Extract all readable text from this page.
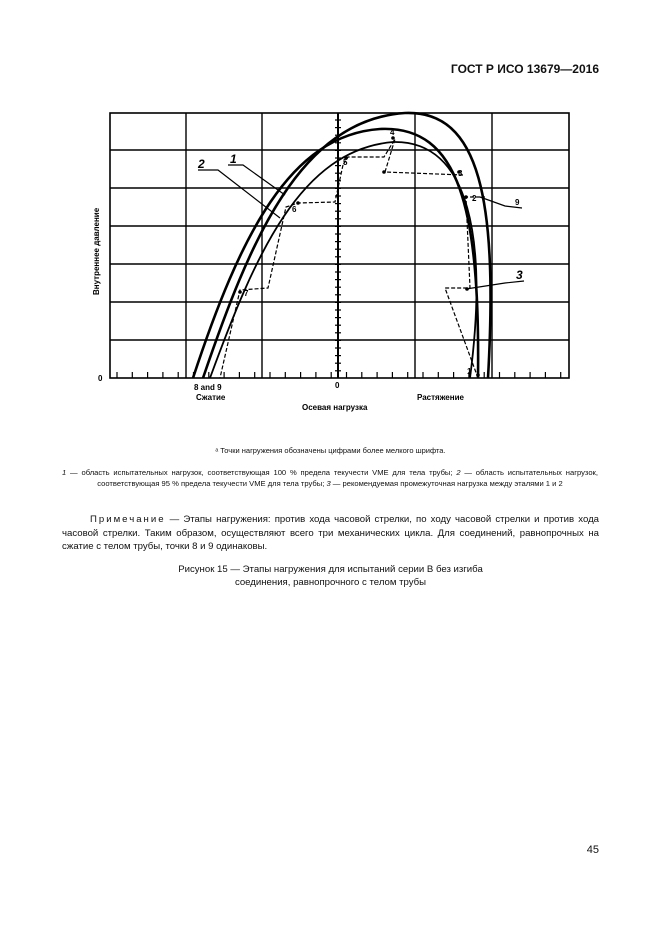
ГОСТ Р ИСО 13679—2016
Внутреннее давление
0
0
8 and 9
Сжатие	Растяжение
Осевая нагрузка
2 1
3
9
1
2
3
4
5
6
7
ᵃ Точки нагружения обозначены цифрами более мелкого шрифта.
1 — область испытательных нагрузок, соответствующая 100 % предела текучести VME для тела трубы; 2 — область испытательных нагрузок, соответствующая 95 % предела текучести VME для тела трубы; 3 — рекомендуемая промежуточная нагрузка между эталями 1 и 2
Примечание — Этапы нагружения: против хода часовой стрелки, по ходу часовой стрелки и против хода часовой стрелки. Таким образом, осуществляют всего три механических цикла. Для соединений, равнопрочных на сжатие с телом трубы, точки 8 и 9 одинаковы.
Рисунок 15 — Этапы нагружения для испытаний серии В без изгиба
соединения, равнопрочного с телом трубы
45
